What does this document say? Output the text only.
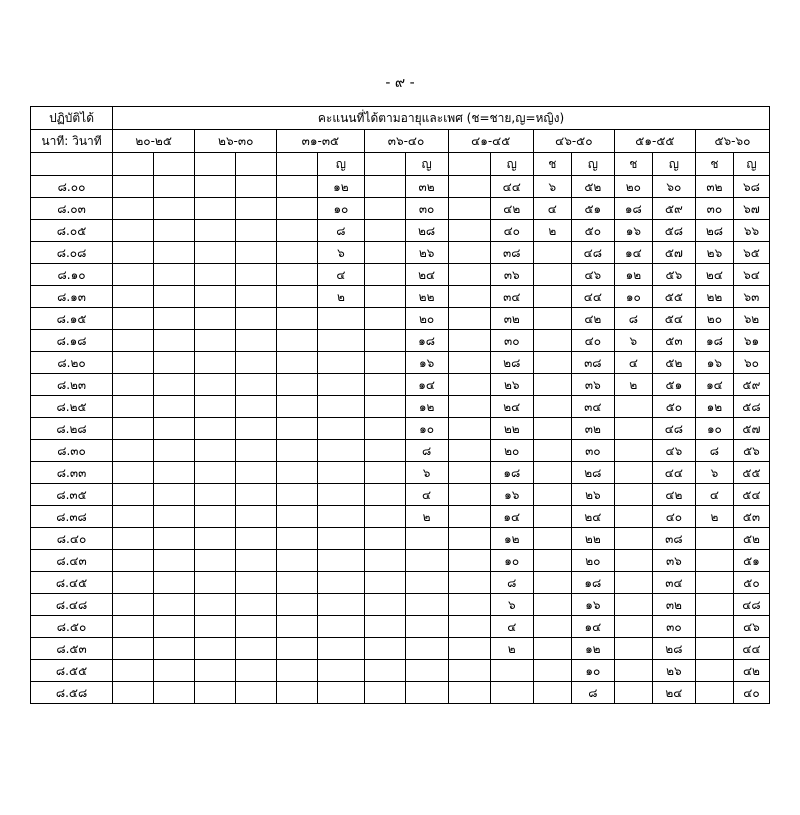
- ๙ -
ปฏิบัติได้	คะแนนที่ได้ตามอายุและเพศ (ช=ชาย,ญ=หญิง)															
นาที: วินาที	๒๐-๒๕		๒๖-๓๐		๓๑-๓๕		๓๖-๔๐		๔๑-๔๕		๔๖-๕๐		๕๑-๕๕		๕๖-๖๐	
						ญ		ญ		ญ	ช	ญ	ช	ญ	ช	ญ
๘.๐๐						๑๒		๓๒		๔๔	๖	๕๒	๒๐	๖๐	๓๒	๖๘
๘.๐๓						๑๐		๓๐		๔๒	๔	๕๑	๑๘	๕๙	๓๐	๖๗
๘.๐๕						๘		๒๘		๔๐	๒	๕๐	๑๖	๕๘	๒๘	๖๖
๘.๐๘						๖		๒๖		๓๘		๔๘	๑๔	๕๗	๒๖	๖๕
๘.๑๐						๔		๒๔		๓๖		๔๖	๑๒	๕๖	๒๔	๖๔
๘.๑๓						๒		๒๒		๓๔		๔๔	๑๐	๕๕	๒๒	๖๓
๘.๑๕								๒๐		๓๒		๔๒	๘	๕๔	๒๐	๖๒
๘.๑๘								๑๘		๓๐		๔๐	๖	๕๓	๑๘	๖๑
๘.๒๐								๑๖		๒๘		๓๘	๔	๕๒	๑๖	๖๐
๘.๒๓								๑๔		๒๖		๓๖	๒	๕๑	๑๔	๕๙
๘.๒๕								๑๒		๒๔		๓๔		๕๐	๑๒	๕๘
๘.๒๘								๑๐		๒๒		๓๒		๔๘	๑๐	๕๗
๘.๓๐								๘		๒๐		๓๐		๔๖	๘	๕๖
๘.๓๓								๖		๑๘		๒๘		๔๔	๖	๕๕
๘.๓๕								๔		๑๖		๒๖		๔๒	๔	๕๔
๘.๓๘								๒		๑๔		๒๔		๔๐	๒	๕๓
๘.๔๐										๑๒		๒๒		๓๘		๕๒
๘.๔๓										๑๐		๒๐		๓๖		๕๑
๘.๔๕										๘		๑๘		๓๔		๕๐
๘.๔๘										๖		๑๖		๓๒		๔๘
๘.๕๐										๔		๑๔		๓๐		๔๖
๘.๕๓										๒		๑๒		๒๘		๔๔
๘.๕๕												๑๐		๒๖		๔๒
๘.๕๘												๘		๒๔		๔๐
